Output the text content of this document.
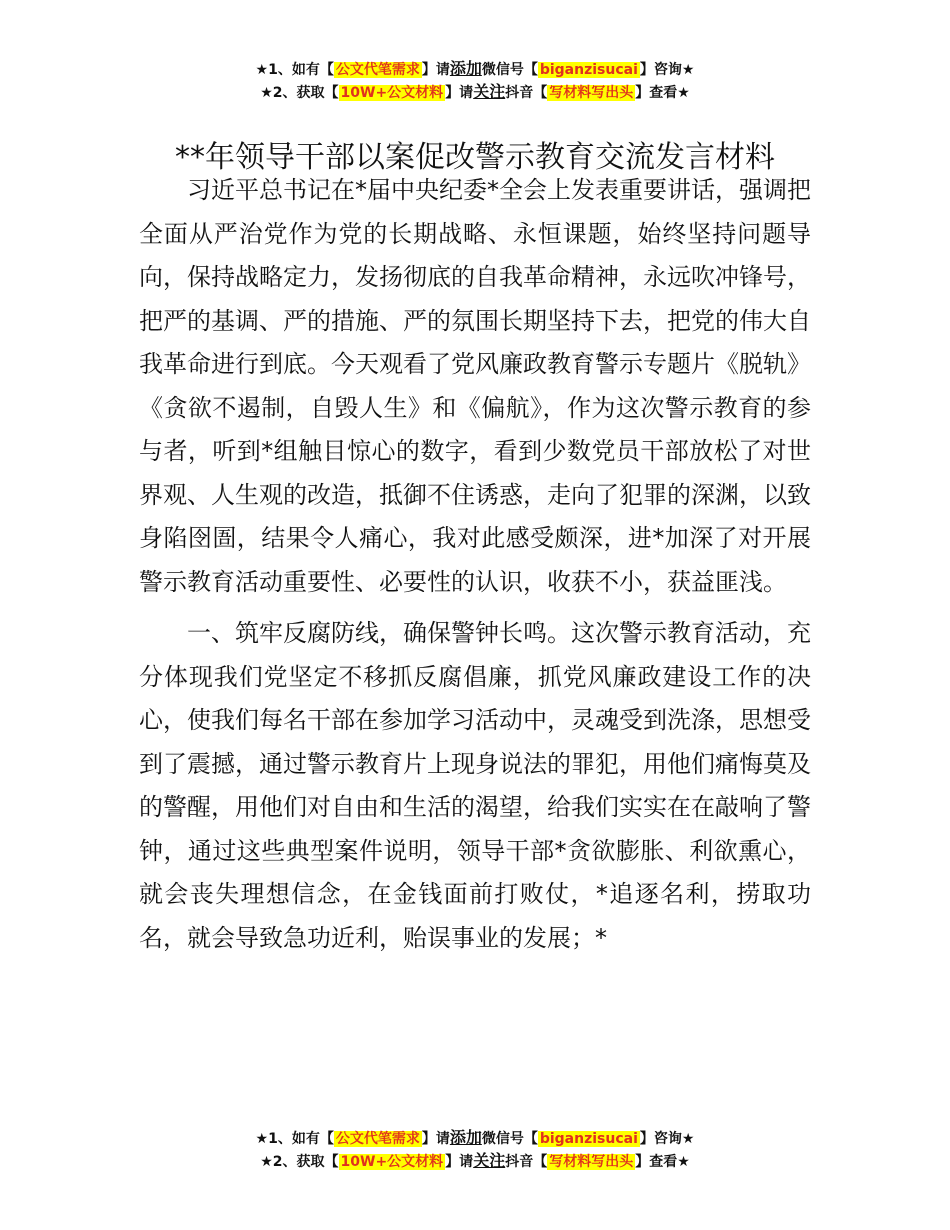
★1、如有【 公文代笔需求 】请添加微信号【 biganzisucai 】咨询★
★2、获取【 10W+公文材料 】请关注抖音【 写材料写出头 】查看★
**年领导干部以案促改警示教育交流发言材料

习近平总书记在*届中央纪委*全会上发表重要讲话，强调把全面从严治党作为党的长期战略、永恒课题，始终坚持问题导向，保持战略定力，发扬彻底的自我革命精神，永远吹冲锋号，把严的基调、严的措施、严的氛围长期坚持下去，把党的伟大自我革命进行到底。今天观看了党风廉政教育警示专题片《脱轨》《贪欲不遏制，自毁人生》和《偏航》，作为这次警示教育的参与者，听到*组触目惊心的数字，看到少数党员干部放松了对世界观、人生观的改造，抵御不住诱惑，走向了犯罪的深渊，以致身陷囹圄，结果令人痛心，我对此感受颇深，进*加深了对开展警示教育活动重要性、必要性的认识，收获不小，获益匪浅。

一、筑牢反腐防线，确保警钟长鸣。这次警示教育活动，充分体现我们党坚定不移抓反腐倡廉，抓党风廉政建设工作的决心，使我们每名干部在参加学习活动中，灵魂受到洗涤，思想受到了震撼，通过警示教育片上现身说法的罪犯，用他们痛悔莫及的警醒，用他们对自由和生活的渴望，给我们实实在在敲响了警钟，通过这些典型案件说明，领导干部*贪欲膨胀、利欲熏心，就会丧失理想信念，在金钱面前打败仗，*追逐名利，捞取功名，就会导致急功近利，贻误事业的发展；*

★1、如有【 公文代笔需求 】请添加微信号【 biganzisucai 】咨询★
★2、获取【 10W+公文材料 】请关注抖音【 写材料写出头 】查看★
